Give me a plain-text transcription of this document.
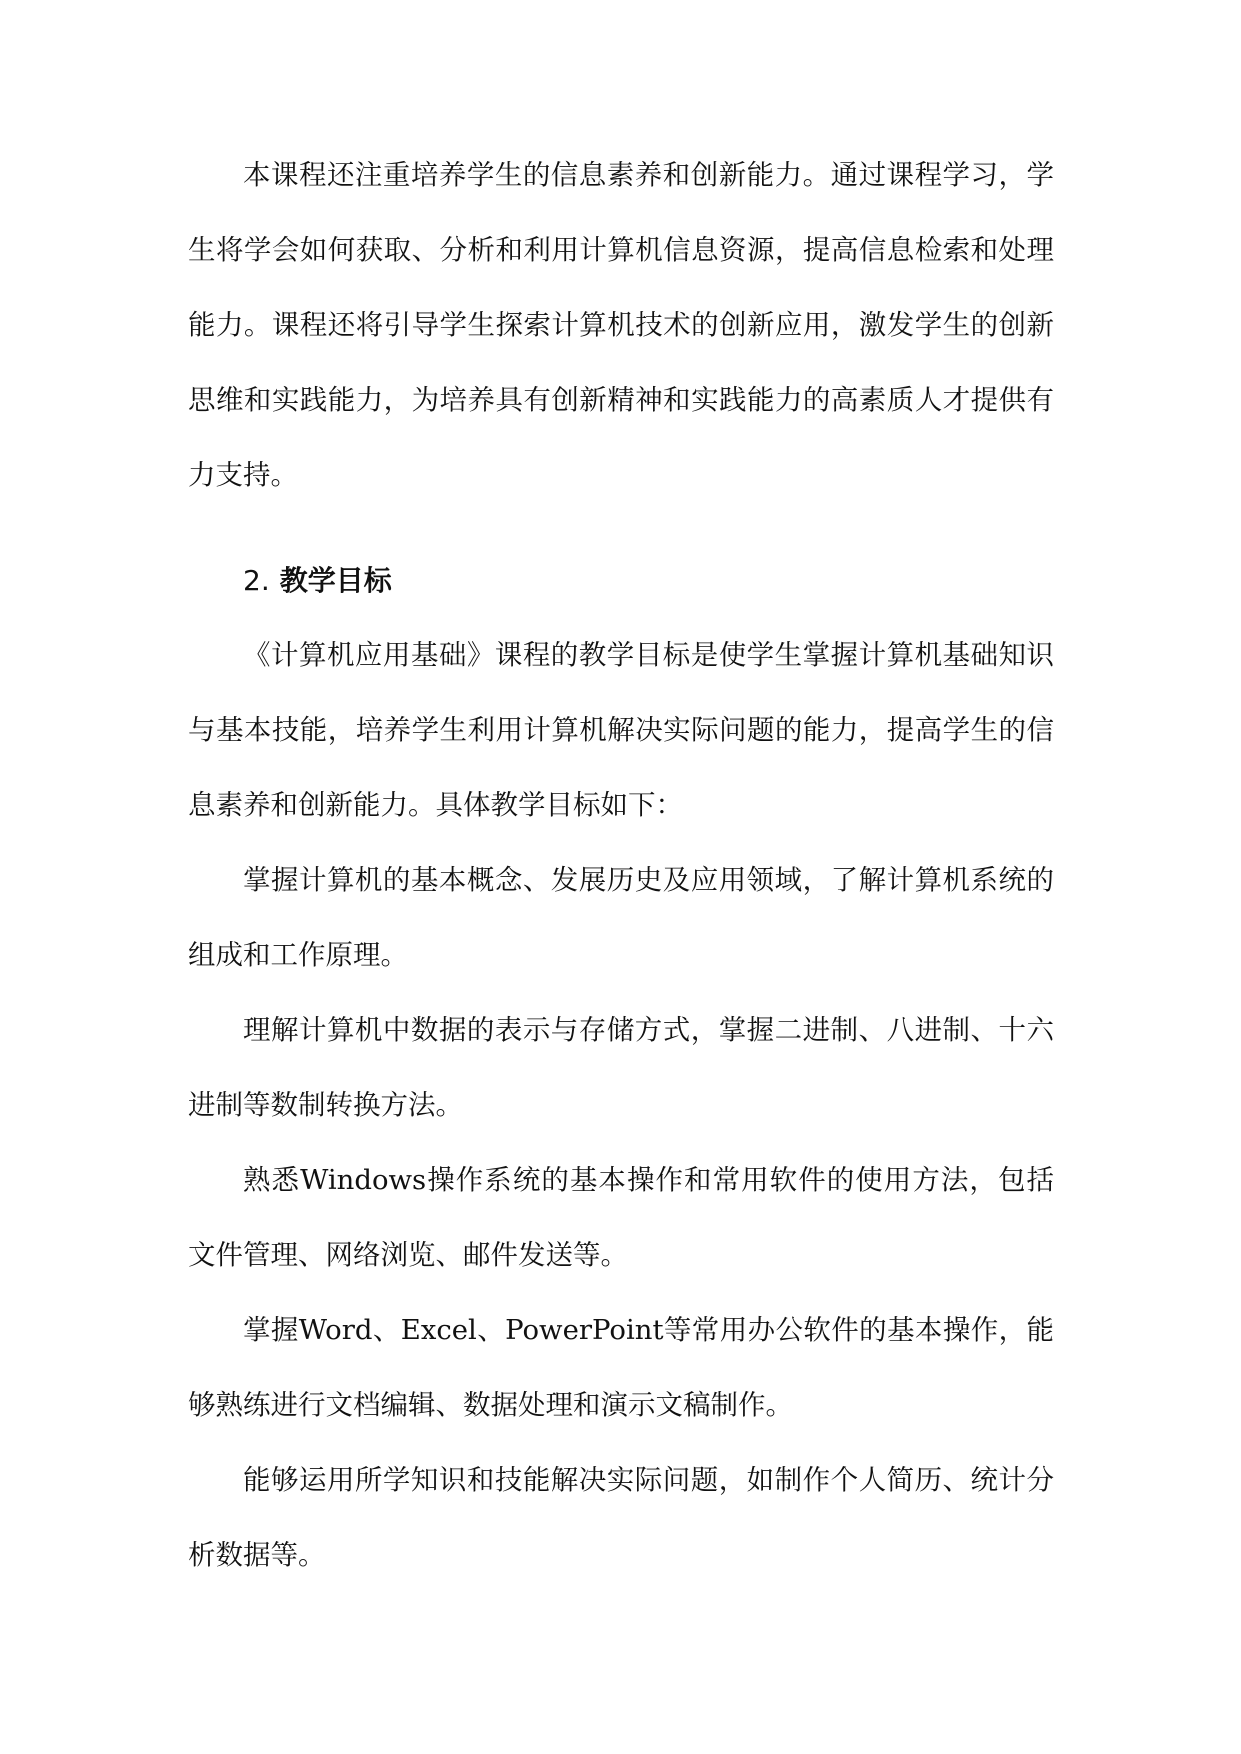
本课程还注重培养学生的信息素养和创新能力。通过课程学习，学生将学会如何获取、分析和利用计算机信息资源，提高信息检索和处理能力。课程还将引导学生探索计算机技术的创新应用，激发学生的创新思维和实践能力，为培养具有创新精神和实践能力的高素质人才提供有力支持。

2. 教学目标

《计算机应用基础》课程的教学目标是使学生掌握计算机基础知识与基本技能，培养学生利用计算机解决实际问题的能力，提高学生的信息素养和创新能力。具体教学目标如下：

掌握计算机的基本概念、发展历史及应用领域，了解计算机系统的组成和工作原理。

理解计算机中数据的表示与存储方式，掌握二进制、八进制、十六进制等数制转换方法。

熟悉Windows操作系统的基本操作和常用软件的使用方法，包括文件管理、网络浏览、邮件发送等。

掌握Word、Excel、PowerPoint等常用办公软件的基本操作，能够熟练进行文档编辑、数据处理和演示文稿制作。

能够运用所学知识和技能解决实际问题，如制作个人简历、统计分析数据等。
